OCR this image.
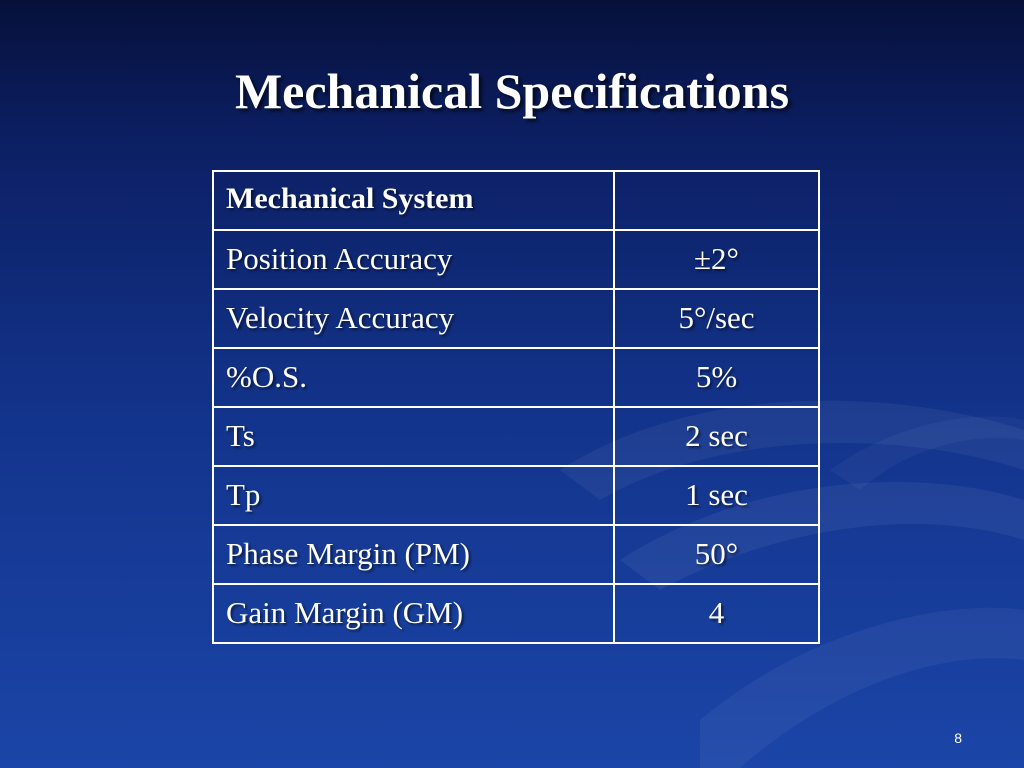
Mechanical Specifications
Mechanical System	
Position Accuracy	±2°
Velocity Accuracy	5°/sec
%O.S.	5%
Ts	2 sec
Tp	1 sec
Phase Margin (PM)	50°
Gain Margin (GM)	4
8
